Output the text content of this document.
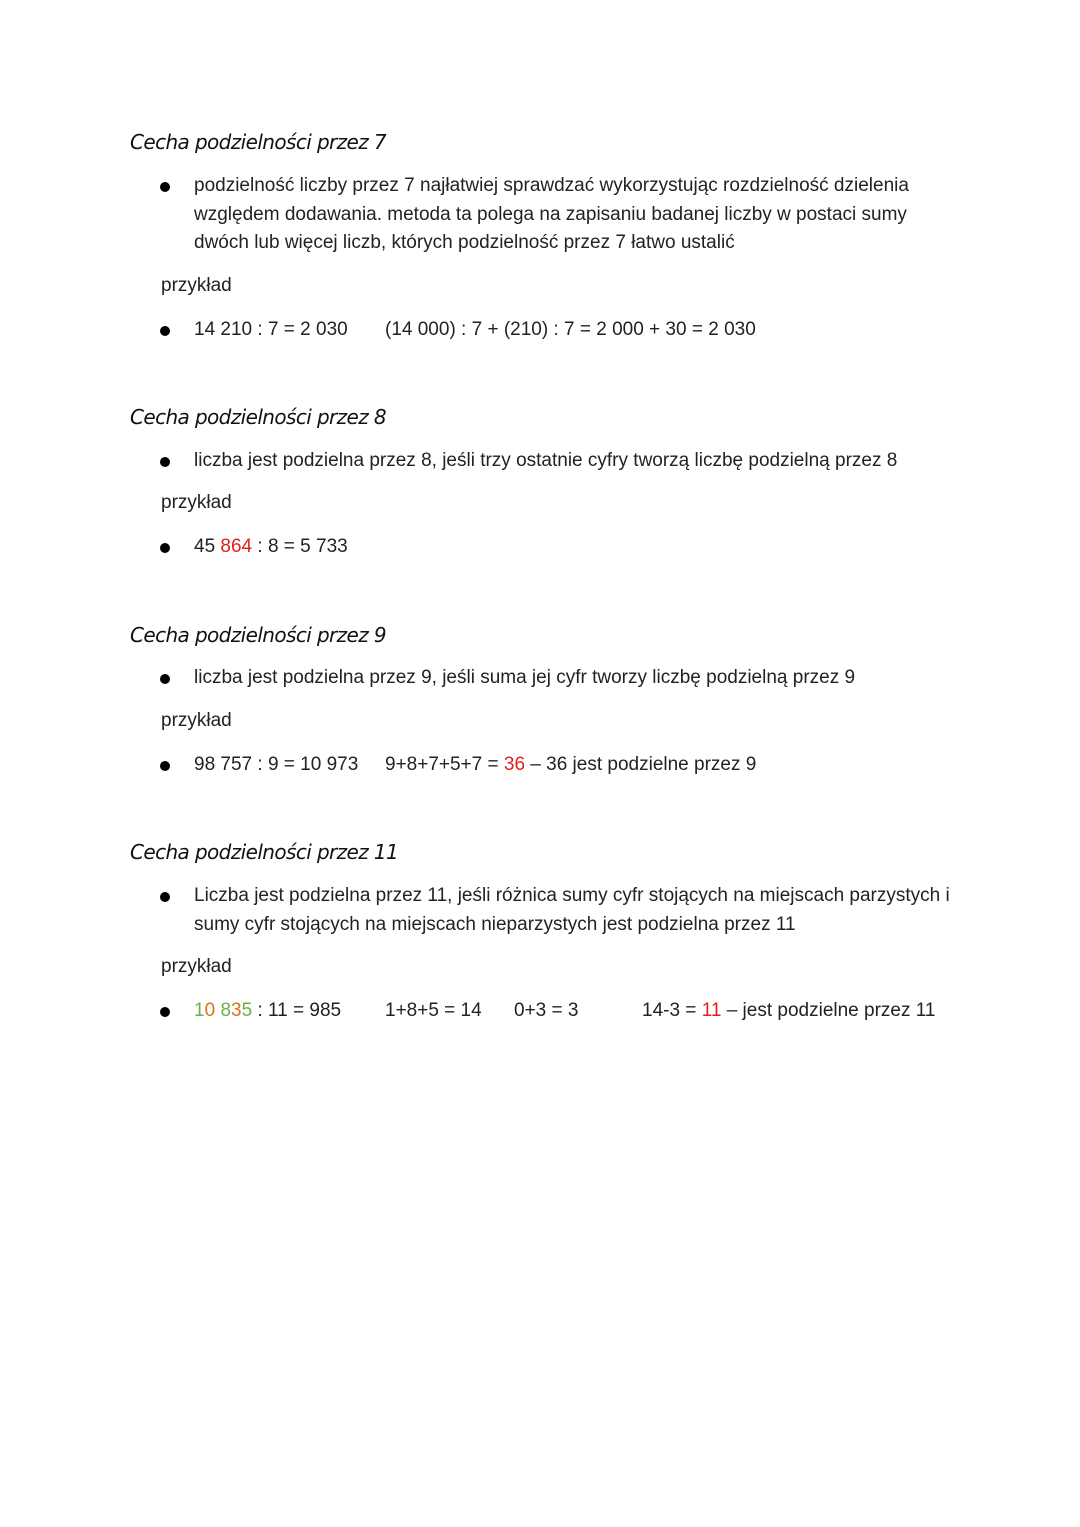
Cecha podzielności przez 7
podzielność liczby przez 7 najłatwiej sprawdzać wykorzystując rozdzielność dzielenia względem dodawania. metoda ta polega na zapisaniu badanej liczby w postaci sumy dwóch lub więcej liczb, których podzielność przez 7 łatwo ustalić
przykład
14 210 : 7 = 2 030 (14 000) : 7 + (210) : 7 = 2 000 + 30 = 2 030
Cecha podzielności przez 8
liczba jest podzielna przez 8, jeśli trzy ostatnie cyfry tworzą liczbę podzielną przez 8
przykład
45 864 : 8 = 5 733
Cecha podzielności przez 9
liczba jest podzielna przez 9, jeśli suma jej cyfr tworzy liczbę podzielną przez 9
przykład
98 757 : 9 = 10 973 9+8+7+5+7 = 36 – 36 jest podzielne przez 9
Cecha podzielności przez 11
Liczba jest podzielna przez 11, jeśli różnica sumy cyfr stojących na miejscach parzystych i sumy cyfr stojących na miejscach nieparzystych jest podzielna przez 11
przykład
10 835 : 11 = 985 1+8+5 = 14 0+3 = 3	14-3 = 11 – jest podzielne przez 11
